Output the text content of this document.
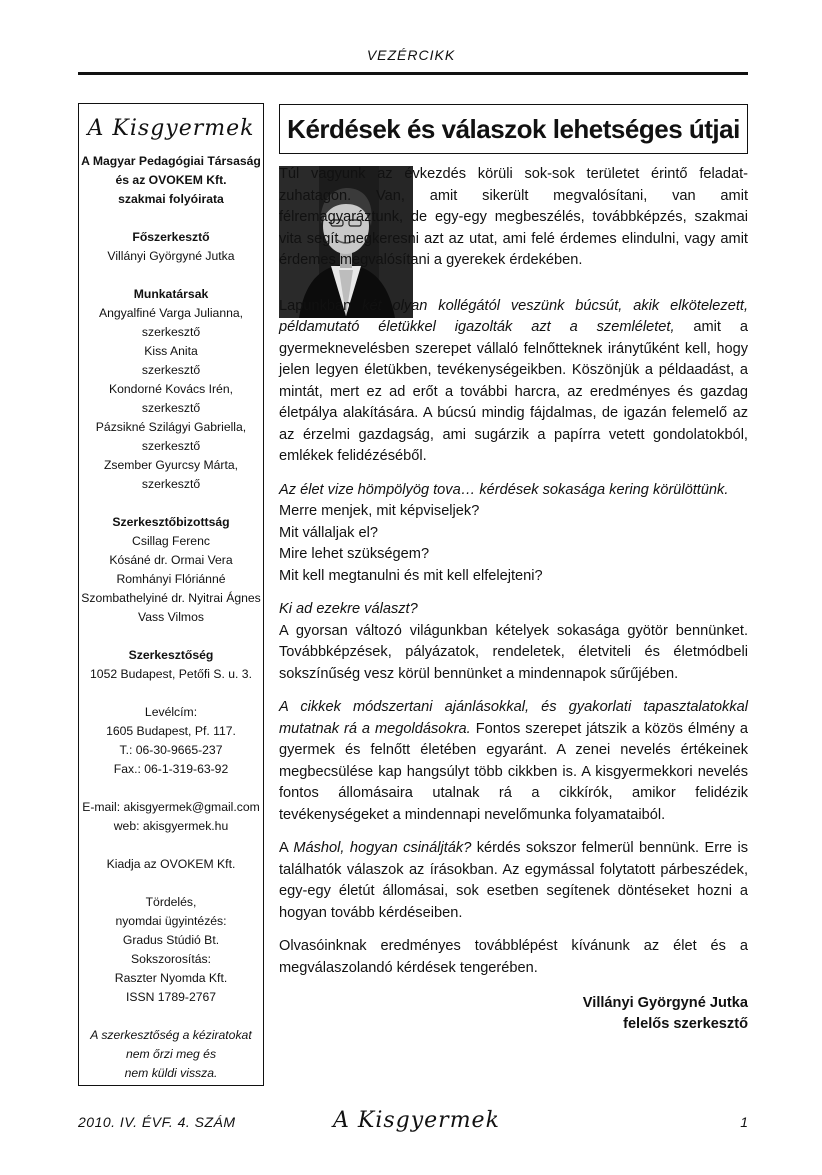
VEZÉRCIKK
A Kisgyermek
A Magyar Pedagógiai Társaság
és az OVOKEM Kft.
szakmai folyóirata
Főszerkesztő
Villányi Györgyné Jutka
Munkatársak
Angyalfiné Varga Julianna,
szerkesztő
Kiss Anita
szerkesztő
Kondorné Kovács Irén,
szerkesztő
Pázsikné Szilágyi Gabriella,
szerkesztő
Zsember Gyurcsy Márta,
szerkesztő
Szerkesztőbizottság
Csillag Ferenc
Kósáné dr. Ormai Vera
Romhányi Flóriánné
Szombathelyiné dr. Nyitrai Ágnes
Vass Vilmos
Szerkesztőség
1052 Budapest, Petőfi S. u. 3.
Levélcím:
1605 Budapest, Pf. 117.
T.: 06-30-9665-237
Fax.: 06-1-319-63-92
E-mail: akisgyermek@gmail.com
web: akisgyermek.hu
Kiadja az OVOKEM Kft.
Tördelés,
nyomdai ügyintézés:
Gradus Stúdió Bt.
Sokszorosítás:
Raszter Nyomda Kft.
ISSN 1789-2767
A szerkesztőség a kéziratokat
nem őrzi meg és
nem küldi vissza.
Kérdések és válaszok lehetséges útjai

Túl vagyunk az évkezdés körüli sok-sok területet érintő feladat-zuhatagon. Van, amit sikerült megvalósítani, van amit félremagyaráztunk, de egy-egy megbeszélés, továbbképzés, szakmai vita segít megkeresni azt az utat, ami felé érdemes elindulni, vagy amit érdemes megvalósítani a gyerekek érdekében.

Lapunkban két olyan kollégától veszünk búcsút, akik elkötelezett, példamutató életükkel igazolták azt a szemléletet, amit a gyermeknevelésben szerepet vállaló felnőtteknek iránytűként kell, hogy jelen legyen életükben, tevékenységeikben. Köszönjük a példaadást, a mintát, mert ez ad erőt a további harcra, az eredményes és gazdag életpálya alakítására. A búcsú mindig fájdalmas, de igazán felemelő az az érzelmi gazdagság, ami sugárzik a papírra vetett gondolatokból, emlékek felidézéséből.

Az élet vize hömpölyög tova… kérdések sokasága kering körülöttünk.
Merre menjek, mit képviseljek?
Mit vállaljak el?
Mire lehet szükségem?
Mit kell megtanulni és mit kell elfelejteni?
Ki ad ezekre választ?

A gyorsan változó világunkban kételyek sokasága gyötör bennünket. Továbbképzések, pályázatok, rendeletek, életviteli és életmódbeli sokszínűség vesz körül bennünket a mindennapok sűrűjében.

A cikkek módszertani ajánlásokkal, és gyakorlati tapasztalatokkal mutatnak rá a megoldásokra. Fontos szerepet játszik a közös élmény a gyermek és felnőtt életében egyaránt. A zenei nevelés értékeinek megbecsülése kap hangsúlyt több cikkben is. A kisgyermekkori nevelés fontos állomásaira utalnak rá a cikkírók, amikor felidézik tevékenységeket a mindennapi nevelőmunka folyamataiból.

A Máshol, hogyan csináljták? kérdés sokszor felmerül bennünk. Erre is találhatók válaszok az írásokban. Az egymással folytatott párbeszédek, egy-egy életút állomásai, sok esetben segítenek döntéseket hozni a hogyan tovább kérdéseiben.

Olvasóinknak eredményes továbblépést kívánunk az élet és a megválaszolandó kérdések tengerében.

Villányi Györgyné Jutka
felelős szerkesztő
2010. IV. ÉVF. 4. SZÁM	A Kisgyermek	1
